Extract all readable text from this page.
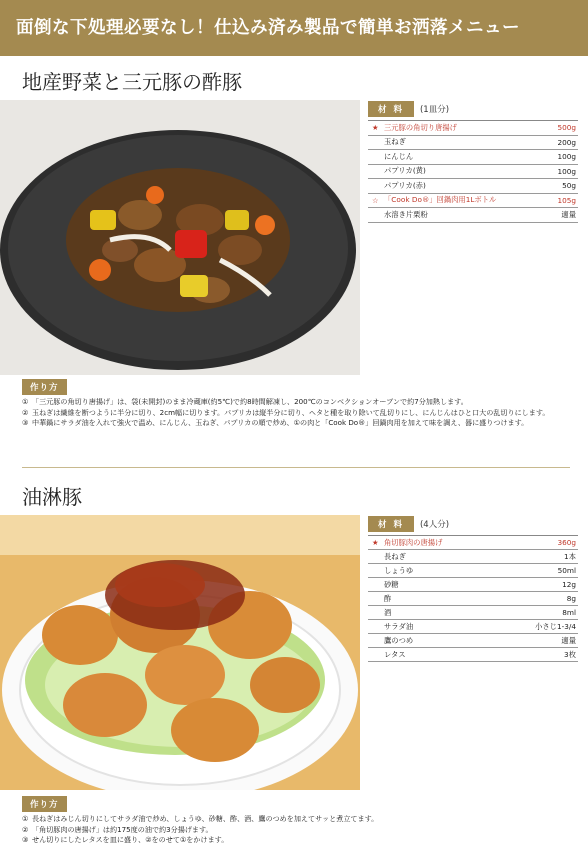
面倒な下処理必要なし！仕込み済み製品で簡単お洒落メニュー
地産野菜と三元豚の酢豚
材 料	(1皿分)
★ 三元豚の角切り唐揚げ	500g
玉ねぎ	200g
にんじん	100g
パプリカ(黄)	100g
パプリカ(赤)	50g
☆ 「Cook Do®」回鍋肉用1Lボトル	105g
水溶き片栗粉	適量
作り方
① 「三元豚の角切り唐揚げ」は、袋(未開封)のまま冷蔵庫(約5℃)で約8時間解凍し、200℃のコンベクションオーブンで約7分加熱します。
② 玉ねぎは繊維を断つように半分に切り、2cm幅に切ります。パプリカは縦半分に切り、ヘタと種を取り除いて乱切りにし、にんじんはひと口大の乱切りにします。
③ 中華鍋にサラダ油を入れて強火で温め、にんじん、玉ねぎ、パプリカの順で炒め、①の肉と「Cook Do®」回鍋肉用を加えて味を調え、器に盛りつけます。
油淋豚
材 料	(4人分)
★ 角切豚肉の唐揚げ	360g
長ねぎ	1本
しょうゆ	50ml
砂糖	12g
酢	8g
酒	8ml
サラダ油	小さじ1-3/4
鷹のつめ	適量
レタス	3枚
作り方
① 長ねぎはみじん切りにしてサラダ油で炒め、しょうゆ、砂糖、酢、酒、鷹のつめを加えてサッと煮立てます。
② 「角切豚肉の唐揚げ」は約175度の油で約3分揚げます。
③ せん切りにしたレタスを皿に盛り、②をのせて①をかけます。
